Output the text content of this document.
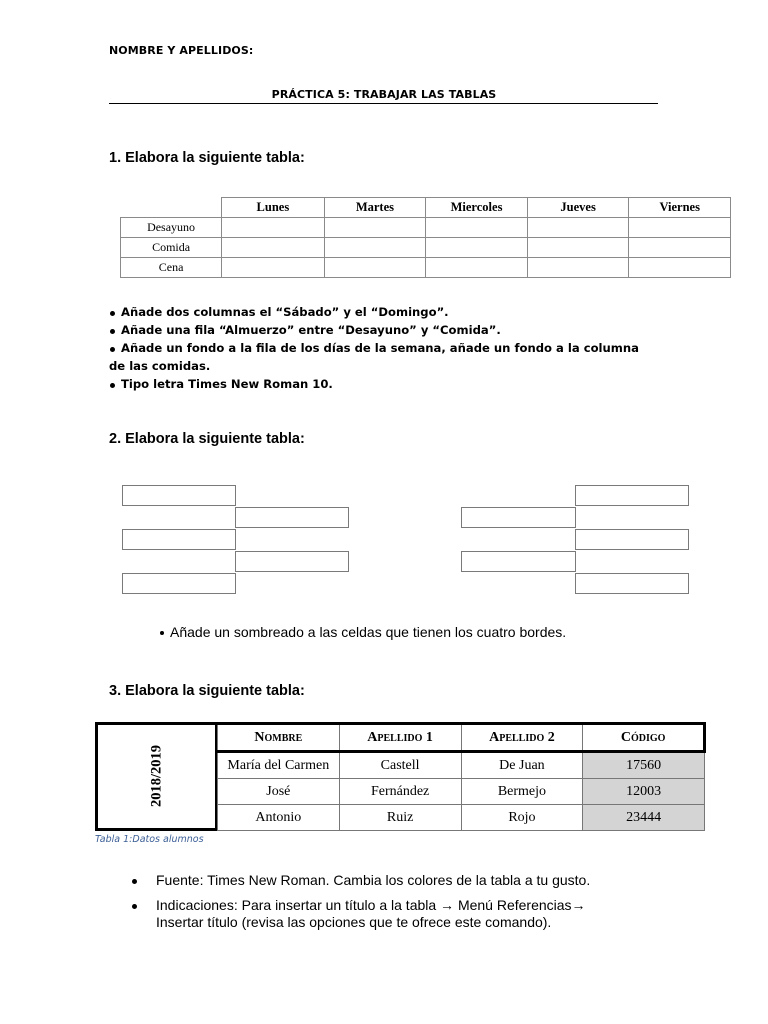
NOMBRE Y APELLIDOS:
PRÁCTICA 5: TRABAJAR LAS TABLAS
1. Elabora la siguiente tabla:
	Lunes	Martes	Miercoles	Jueves	Viernes
Desayuno					
Comida					
Cena					
Añade dos columnas el “Sábado” y el “Domingo”.
Añade una fila “Almuerzo” entre “Desayuno” y “Comida”.
Añade un fondo a la fila de los días de la semana, añade un fondo a la columna
de las comidas.
Tipo letra Times New Roman 10.
2. Elabora la siguiente tabla:
Añade un sombreado a las celdas que tienen los cuatro bordes.
3. Elabora la siguiente tabla:
2018/2019
Nombre	Apellido 1	Apellido 2	Código
María del Carmen	Castell	De Juan	17560
José	Fernández	Bermejo	12003
Antonio	Ruiz	Rojo	23444
Tabla 1:Datos alumnos
Fuente: Times New Roman. Cambia los colores de la tabla a tu gusto.
Indicaciones: Para insertar un título a la tabla → Menú Referencias→
Insertar título (revisa las opciones que te ofrece este comando).
